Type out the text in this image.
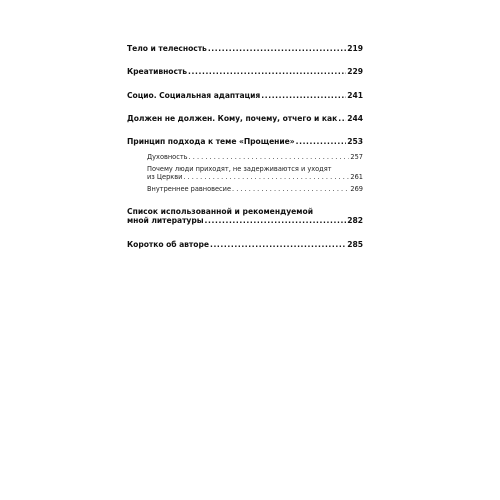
Тело и телесность .....	219
Креативность .....	229
Социо. Социальная адаптация .....	241
Должен не должен. Кому, почему, отчего и как ..... 244
Принцип подхода к теме «Прощение» .....	253
Духовность . . .	257
Почему люди приходят, не задерживаются и уходят
из Церкви . . .	261
Внутреннее равновесие . . .	269
Список использованной и рекомендуемой
мной литературы .....	282
Коротко об авторе .....	285
